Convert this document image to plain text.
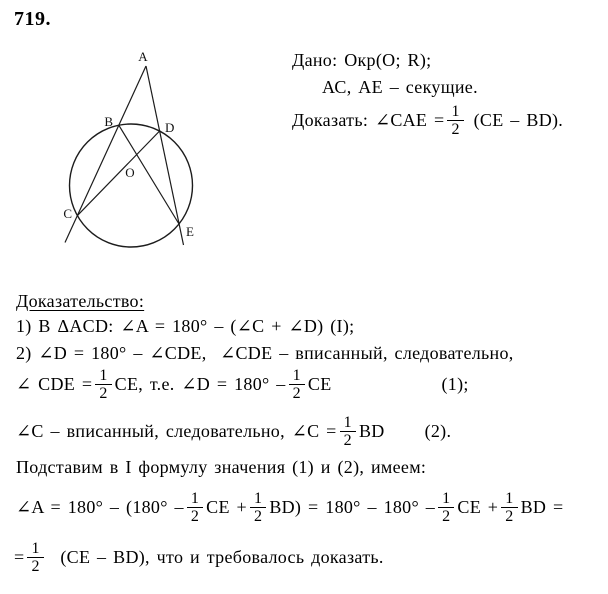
719.
A
B	D
C
E
O
Дано: Окр(О; R);
АС, АЕ – секущие.
Доказать: ∠CAE = $\frac{1}{2} (CE - BD)$.
Доказательство:
1) В ΔACD: ∠A = 180° – (∠C + ∠D) (I);
2) ∠D = 180° – ∠CDE,  ∠CDE – вписанный, следовательно,
∠ CDE = $\frac{1}{2}$ CE, т.е. ∠D = $180^\circ - \frac{1}{2}$ CE	(1);
∠C – вписанный, следовательно, ∠C = $\frac{1}{2}$ BD (2).
Подставим в I формулу значения (1) и (2), имеем:
∠A = $180^\circ - (180^\circ - \frac{1}{2}$ CE + $\frac{1}{2} BD) = 180^\circ - 180^\circ - \frac{1}{2}$ CE + $\frac{1}{2}$ BD =
= $\frac{1}{2} (CE - BD)$, что и требовалось доказать.
